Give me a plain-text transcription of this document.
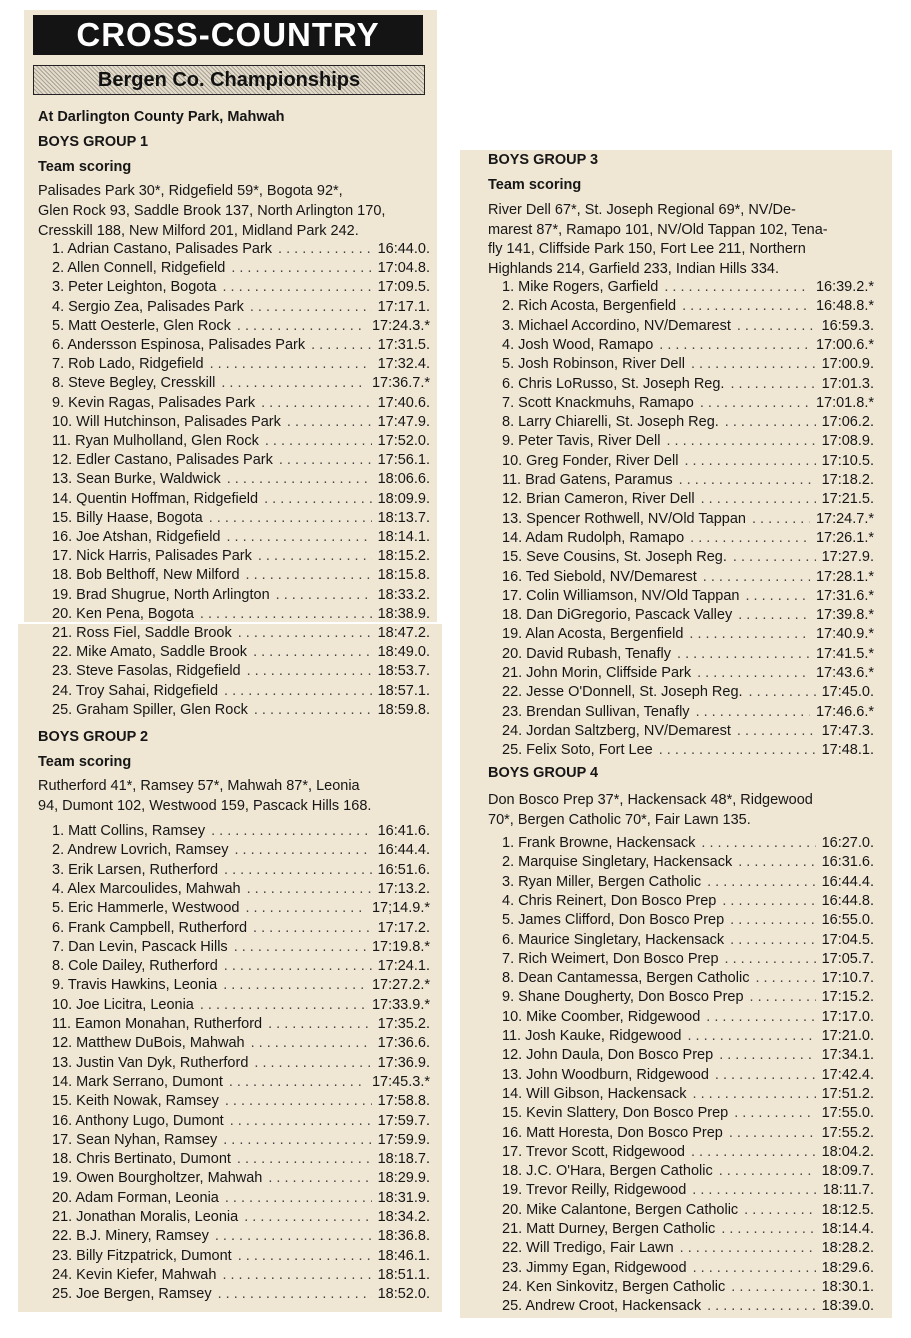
CROSS-COUNTRY
Bergen Co. Championships
At Darlington County Park, Mahwah
BOYS GROUP 1
Team scoring
Palisades Park 30*, Ridgefield 59*, Bogota 92*,
Glen Rock 93, Saddle Brook 137, North Arlington 170,
Cresskill 188, New Milford 201, Midland Park 242.
1. Adrian Castano, Palisades Park . . .	16:44.0.
2. Allen Connell, Ridgefield . . .	17:04.8.
3. Peter Leighton, Bogota . . .	17:09.5.
4. Sergio Zea, Palisades Park . . .	17:17.1.
5. Matt Oesterle, Glen Rock . . .	17:24.3.*
6. Andersson Espinosa, Palisades Park . . .	17:31.5.
7. Rob Lado, Ridgefield . . .	17:32.4.
8. Steve Begley, Cresskill . . .	17:36.7.*
9. Kevin Ragas, Palisades Park . . .	17:40.6.
10. Will Hutchinson, Palisades Park . . .	17:47.9.
11. Ryan Mulholland, Glen Rock . . .	17:52.0.
12. Edler Castano, Palisades Park . . .	17:56.1.
13. Sean Burke, Waldwick . . .	18:06.6.
14. Quentin Hoffman, Ridgefield . . .	18:09.9.
15. Billy Haase, Bogota . . .	18:13.7.
16. Joe Atshan, Ridgefield . . .	18:14.1.
17. Nick Harris, Palisades Park . . .	18:15.2.
18. Bob Belthoff, New Milford . . .	18:15.8.
19. Brad Shugrue, North Arlington . . .	18:33.2.
20. Ken Pena, Bogota . . .	18:38.9.
21. Ross Fiel, Saddle Brook . . .	18:47.2.
22. Mike Amato, Saddle Brook . . .	18:49.0.
23. Steve Fasolas, Ridgefield . . .	18:53.7.
24. Troy Sahai, Ridgefield . . .	18:57.1.
25. Graham Spiller, Glen Rock . . .	18:59.8.
BOYS GROUP 2
Team scoring
Rutherford 41*, Ramsey 57*, Mahwah 87*, Leonia
94, Dumont 102, Westwood 159, Pascack Hills 168.
1. Matt Collins, Ramsey . . .	16:41.6.
2. Andrew Lovrich, Ramsey . . .	16:44.4.
3. Erik Larsen, Rutherford . . .	16:51.6.
4. Alex Marcoulides, Mahwah . . .	17:13.2.
5. Eric Hammerle, Westwood . . .	17;14.9.*
6. Frank Campbell, Rutherford . . .	17:17.2.
7. Dan Levin, Pascack Hills . . .	17:19.8.*
8. Cole Dailey, Rutherford . . .	17:24.1.
9. Travis Hawkins, Leonia . . .	17:27.2.*
10. Joe Licitra, Leonia . . .	17:33.9.*
11. Eamon Monahan, Rutherford . . .	17:35.2.
12. Matthew DuBois, Mahwah . . .	17:36.6.
13. Justin Van Dyk, Rutherford . . .	17:36.9.
14. Mark Serrano, Dumont . . .	17:45.3.*
15. Keith Nowak, Ramsey . . .	17:58.8.
16. Anthony Lugo, Dumont . . .	17:59.7.
17. Sean Nyhan, Ramsey . . .	17:59.9.
18. Chris Bertinato, Dumont . . .	18:18.7.
19. Owen Bourgholtzer, Mahwah . . .	18:29.9.
20. Adam Forman, Leonia . . .	18:31.9.
21. Jonathan Moralis, Leonia . . .	18:34.2.
22. B.J. Minery, Ramsey . . .	18:36.8.
23. Billy Fitzpatrick, Dumont . . .	18:46.1.
24. Kevin Kiefer, Mahwah . . .	18:51.1.
25. Joe Bergen, Ramsey . . .	18:52.0.
BOYS GROUP 3
Team scoring
River Dell 67*, St. Joseph Regional 69*, NV/De-
marest 87*, Ramapo 101, NV/Old Tappan 102, Tena-
fly 141, Cliffside Park 150, Fort Lee 211, Northern
Highlands 214, Garfield 233, Indian Hills 334.
1. Mike Rogers, Garfield . . .	16:39.2.*
2. Rich Acosta, Bergenfield . . .	16:48.8.*
3. Michael Accordino, NV/Demarest . . .	16:59.3.
4. Josh Wood, Ramapo . . .	17:00.6.*
5. Josh Robinson, River Dell . . .	17:00.9.
6. Chris LoRusso, St. Joseph Reg. . . .	17:01.3.
7. Scott Knackmuhs, Ramapo . . .	17:01.8.*
8. Larry Chiarelli, St. Joseph Reg. . . .	17:06.2.
9. Peter Tavis, River Dell . . .	17:08.9.
10. Greg Fonder, River Dell . . .	17:10.5.
11. Brad Gatens, Paramus . . .	17:18.2.
12. Brian Cameron, River Dell . . .	17:21.5.
13. Spencer Rothwell, NV/Old Tappan . . .	17:24.7.*
14. Adam Rudolph, Ramapo . . .	17:26.1.*
15. Seve Cousins, St. Joseph Reg. . . .	17:27.9.
16. Ted Siebold, NV/Demarest . . .	17:28.1.*
17. Colin Williamson, NV/Old Tappan . . .	17:31.6.*
18. Dan DiGregorio, Pascack Valley . . .	17:39.8.*
19. Alan Acosta, Bergenfield . . .	17:40.9.*
20. David Rubash, Tenafly . . .	17:41.5.*
21. John Morin, Cliffside Park . . .	17:43.6.*
22. Jesse O'Donnell, St. Joseph Reg. . . .	17:45.0.
23. Brendan Sullivan, Tenafly . . .	17:46.6.*
24. Jordan Saltzberg, NV/Demarest . . .	17:47.3.
25. Felix Soto, Fort Lee . . .	17:48.1.
BOYS GROUP 4
Don Bosco Prep 37*, Hackensack 48*, Ridgewood
70*, Bergen Catholic 70*, Fair Lawn 135.
1. Frank Browne, Hackensack . . .	16:27.0.
2. Marquise Singletary, Hackensack . . .	16:31.6.
3. Ryan Miller, Bergen Catholic . . .	16:44.4.
4. Chris Reinert, Don Bosco Prep . . .	16:44.8.
5. James Clifford, Don Bosco Prep . . .	16:55.0.
6. Maurice Singletary, Hackensack . . .	17:04.5.
7. Rich Weimert, Don Bosco Prep . . .	17:05.7.
8. Dean Cantamessa, Bergen Catholic . . .	17:10.7.
9. Shane Dougherty, Don Bosco Prep . . .	17:15.2.
10. Mike Coomber, Ridgewood . . .	17:17.0.
11. Josh Kauke, Ridgewood . . .	17:21.0.
12. John Daula, Don Bosco Prep . . .	17:34.1.
13. John Woodburn, Ridgewood . . .	17:42.4.
14. Will Gibson, Hackensack . . .	17:51.2.
15. Kevin Slattery, Don Bosco Prep . . .	17:55.0.
16. Matt Horesta, Don Bosco Prep . . .	17:55.2.
17. Trevor Scott, Ridgewood . . .	18:04.2.
18. J.C. O'Hara, Bergen Catholic . . .	18:09.7.
19. Trevor Reilly, Ridgewood . . .	18:11.7.
20. Mike Calantone, Bergen Catholic . . .	18:12.5.
21. Matt Durney, Bergen Catholic . . .	18:14.4.
22. Will Tredigo, Fair Lawn . . .	18:28.2.
23. Jimmy Egan, Ridgewood . . .	18:29.6.
24. Ken Sinkovitz, Bergen Catholic . . .	18:30.1.
25. Andrew Croot, Hackensack . . .	18:39.0.
